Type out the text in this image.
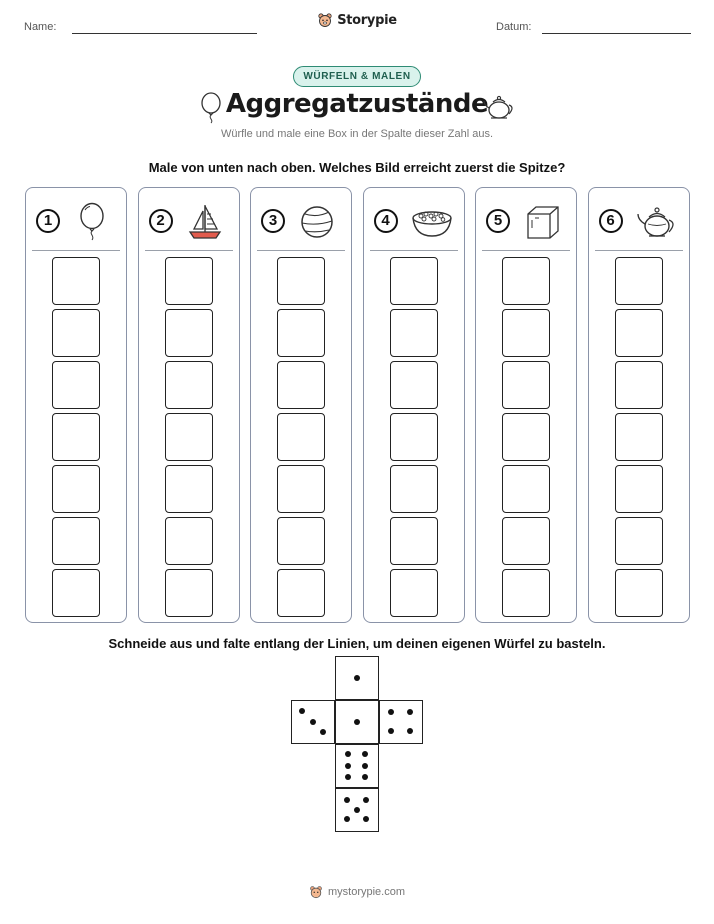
Name:	Datum:
Storypie
WÜRFELN & MALEN
Aggregatzustände
Würfle und male eine Box in der Spalte dieser Zahl aus.
Male von unten nach oben. Welches Bild erreicht zuerst die Spitze?
1	2	3	4	5	6
Schneide aus und falte entlang der Linien, um deinen eigenen Würfel zu basteln.
mystorypie.com
